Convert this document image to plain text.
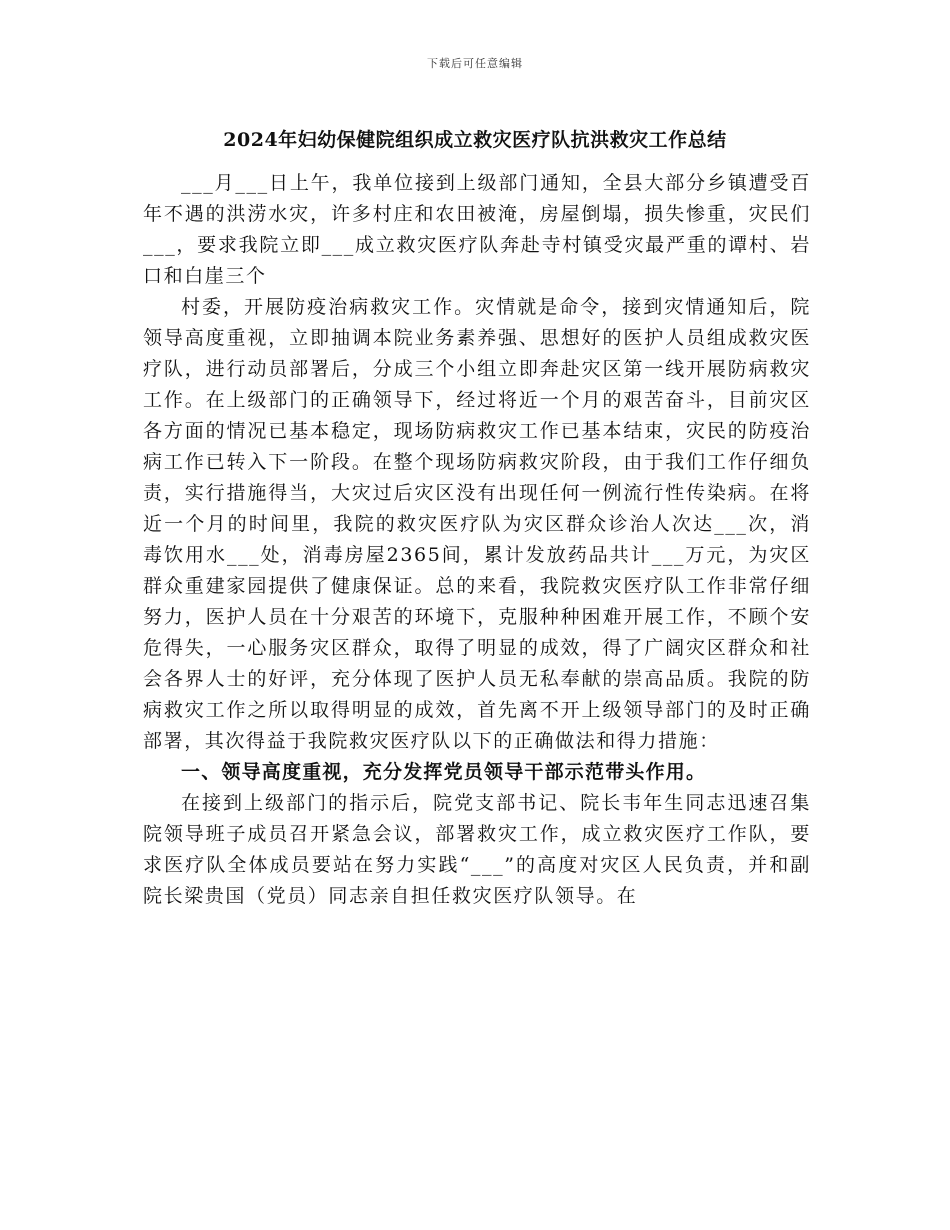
下载后可任意编辑
2024年妇幼保健院组织成立救灾医疗队抗洪救灾工作总结

___月___日上午，我单位接到上级部门通知，全县大部分乡镇遭受百年不遇的洪涝水灾，许多村庄和农田被淹，房屋倒塌，损失惨重，灾民们___，要求我院立即___成立救灾医疗队奔赴寺村镇受灾最严重的谭村、岩口和白崖三个

村委，开展防疫治病救灾工作。灾情就是命令，接到灾情通知后，院领导高度重视，立即抽调本院业务素养强、思想好的医护人员组成救灾医疗队，进行动员部署后，分成三个小组立即奔赴灾区第一线开展防病救灾工作。在上级部门的正确领导下，经过将近一个月的艰苦奋斗，目前灾区各方面的情况已基本稳定，现场防病救灾工作已基本结束，灾民的防疫治病工作已转入下一阶段。在整个现场防病救灾阶段，由于我们工作仔细负责，实行措施得当，大灾过后灾区没有出现任何一例流行性传染病。在将近一个月的时间里，我院的救灾医疗队为灾区群众诊治人次达___次，消毒饮用水___处，消毒房屋2365间，累计发放药品共计___万元，为灾区群众重建家园提供了健康保证。总的来看，我院救灾医疗队工作非常仔细努力，医护人员在十分艰苦的环境下，克服种种困难开展工作，不顾个安危得失，一心服务灾区群众，取得了明显的成效，得了广阔灾区群众和社会各界人士的好评，充分体现了医护人员无私奉献的崇高品质。我院的防病救灾工作之所以取得明显的成效，首先离不开上级领导部门的及时正确部署，其次得益于我院救灾医疗队以下的正确做法和得力措施：

一、领导高度重视，充分发挥党员领导干部示范带头作用。

在接到上级部门的指示后，院党支部书记、院长韦年生同志迅速召集院领导班子成员召开紧急会议，部署救灾工作，成立救灾医疗工作队，要求医疗队全体成员要站在努力实践“___”的高度对灾区人民负责，并和副院长梁贵国（党员）同志亲自担任救灾医疗队领导。在
